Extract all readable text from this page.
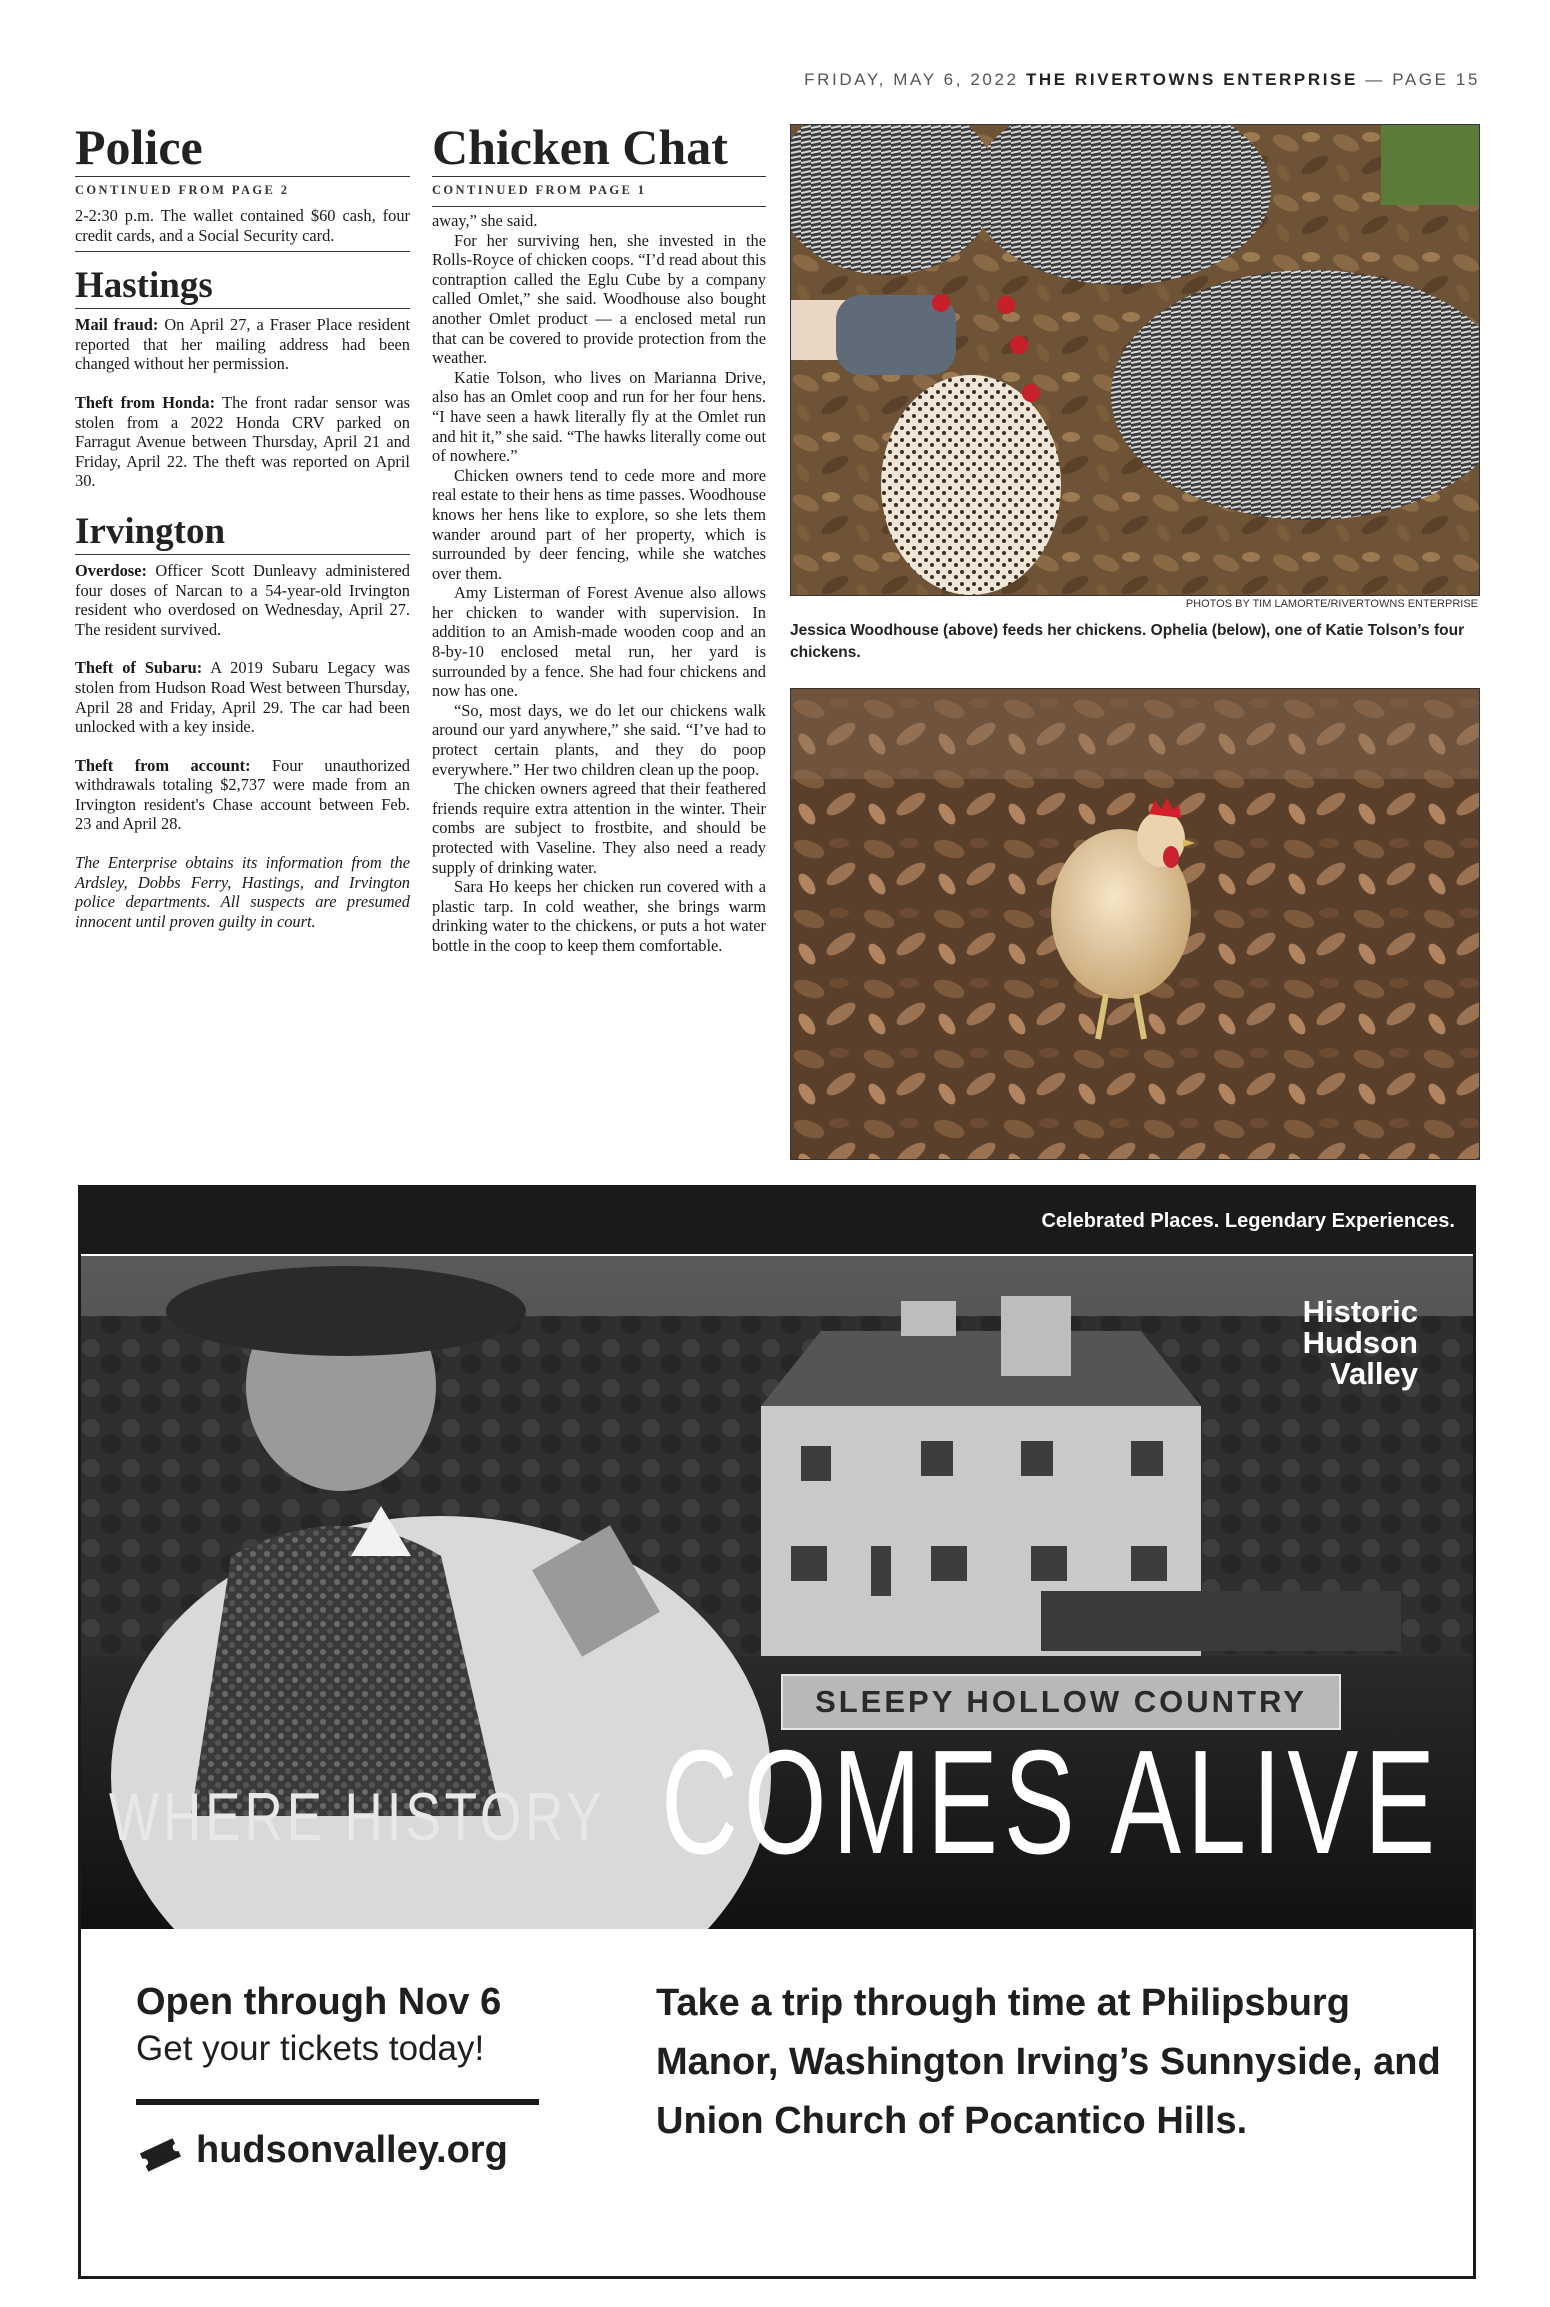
FRIDAY, MAY 6, 2022 THE RIVERTOWNS ENTERPRISE — PAGE 15
Police
CONTINUED FROM PAGE 2
2-2:30 p.m. The wallet contained $60 cash, four credit cards, and a Social Security card.
Hastings

Mail fraud: On April 27, a Fraser Place resident reported that her mailing address had been changed without her permission.

Theft from Honda: The front radar sensor was stolen from a 2022 Honda CRV parked on Farragut Avenue between Thursday, April 21 and Friday, April 22. The theft was reported on April 30.

Irvington

Overdose: Officer Scott Dunleavy administered four doses of Narcan to a 54-year-old Irvington resident who overdosed on Wednesday, April 27. The resident survived.

Theft of Subaru: A 2019 Subaru Legacy was stolen from Hudson Road West between Thursday, April 28 and Friday, April 29. The car had been unlocked with a key inside.

Theft from account: Four unauthorized withdrawals totaling $2,737 were made from an Irvington resident's Chase account between Feb. 23 and April 28.

The Enterprise obtains its information from the Ardsley, Dobbs Ferry, Hastings, and Irvington police departments. All suspects are presumed innocent until proven guilty in court.

Chicken Chat
CONTINUED FROM PAGE 1

away,” she said.

For her surviving hen, she invested in the Rolls-Royce of chicken coops. “I’d read about this contraption called the Eglu Cube by a company called Omlet,” she said. Woodhouse also bought another Omlet product — a enclosed metal run that can be covered to provide protection from the weather.

Katie Tolson, who lives on Marianna Drive, also has an Omlet coop and run for her four hens. “I have seen a hawk literally fly at the Omlet run and hit it,” she said. “The hawks literally come out of nowhere.”

Chicken owners tend to cede more and more real estate to their hens as time passes. Woodhouse knows her hens like to explore, so she lets them wander around part of her property, which is surrounded by deer fencing, while she watches over them.

Amy Listerman of Forest Avenue also allows her chicken to wander with supervision. In addition to an Amish-made wooden coop and an 8-by-10 enclosed metal run, her yard is surrounded by a fence. She had four chickens and now has one.

“So, most days, we do let our chickens walk around our yard anywhere,” she said. “I’ve had to protect certain plants, and they do poop everywhere.” Her two children clean up the poop.

The chicken owners agreed that their feathered friends require extra attention in the winter. Their combs are subject to frostbite, and should be protected with Vaseline. They also need a ready supply of drinking water.

Sara Ho keeps her chicken run covered with a plastic tarp. In cold weather, she brings warm drinking water to the chickens, or puts a hot water bottle in the coop to keep them comfortable.

PHOTOS BY TIM LAMORTE/RIVERTOWNS ENTERPRISE
Jessica Woodhouse (above) feeds her chickens. Ophelia (below), one of Katie Tolson’s four chickens.
Celebrated Places. Legendary Experiences.
Historic
Hudson
Valley
SLEEPY HOLLOW COUNTRY
WHERE HISTORY COMES ALIVE
Open through Nov 6
Get your tickets today!
hudsonvalley.org
Take a trip through time at Philipsburg Manor, Washington Irving’s Sunnyside, and Union Church of Pocantico Hills.
